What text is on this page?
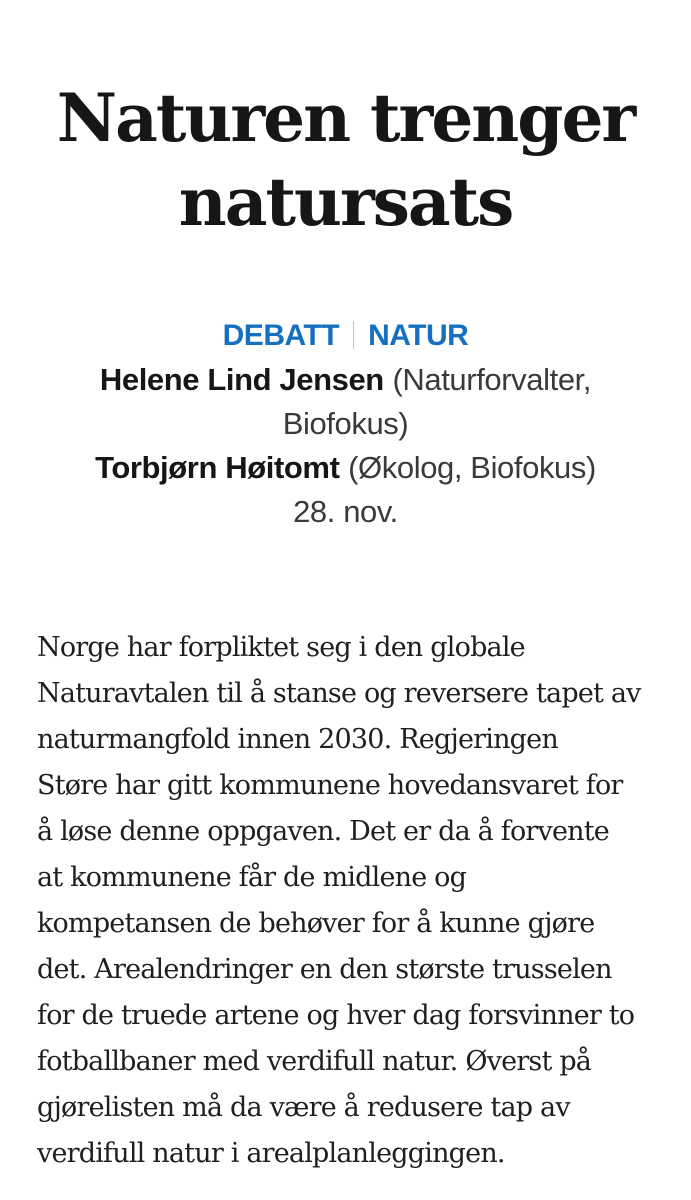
Naturen trenger
natursats
DEBATT NATUR
Helene Lind Jensen (Naturforvalter,
Biofokus)
Torbjørn Høitomt (Økolog, Biofokus)
28. nov.

Norge har forpliktet seg i den globale
Naturavtalen til å stanse og reversere tapet av
naturmangfold innen 2030. Regjeringen
Støre har gitt kommunene hovedansvaret for
å løse denne oppgaven. Det er da å forvente
at kommunene får de midlene og
kompetansen de behøver for å kunne gjøre
det. Arealendringer en den største trusselen
for de truede artene og hver dag forsvinner to
fotballbaner med verdifull natur. Øverst på
gjørelisten må da være å redusere tap av
verdifull natur i arealplanleggingen.
